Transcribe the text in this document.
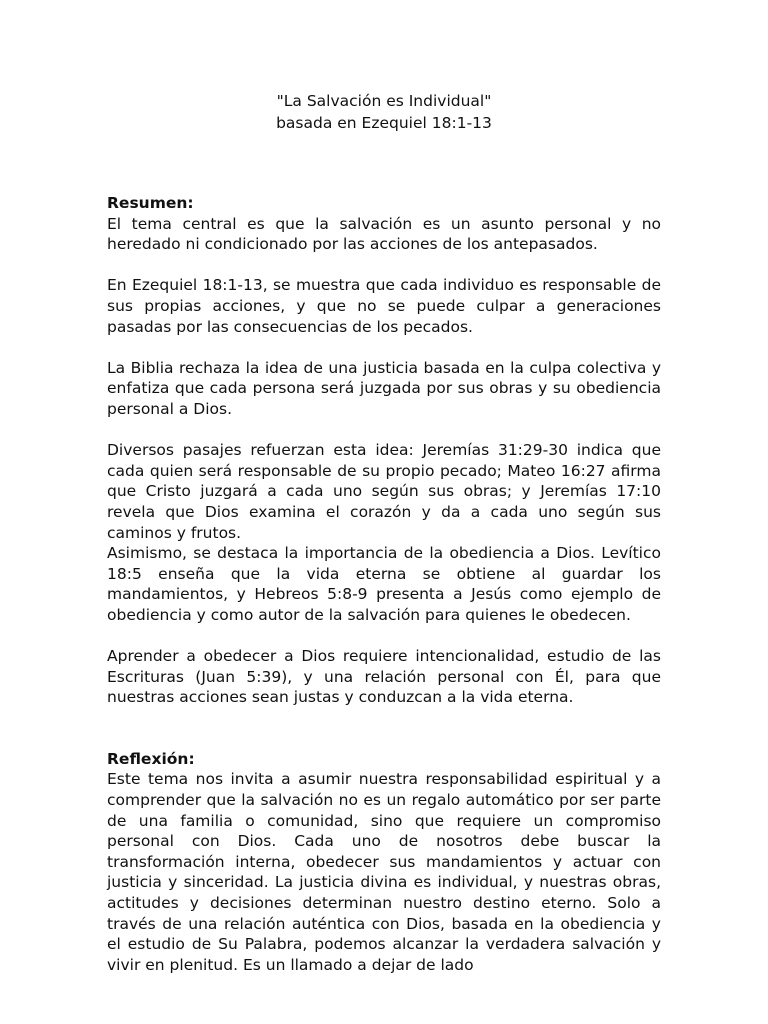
"La Salvación es Individual"
basada en Ezequiel 18:1-13
Resumen:

El tema central es que la salvación es un asunto personal y no heredado ni condicionado por las acciones de los antepasados.

En Ezequiel 18:1-13, se muestra que cada individuo es responsable de sus propias acciones, y que no se puede culpar a generaciones pasadas por las consecuencias de los pecados.

La Biblia rechaza la idea de una justicia basada en la culpa colectiva y enfatiza que cada persona será juzgada por sus obras y su obediencia personal a Dios.

Diversos pasajes refuerzan esta idea: Jeremías 31:29-30 indica que cada quien será responsable de su propio pecado; Mateo 16:27 afirma que Cristo juzgará a cada uno según sus obras; y Jeremías 17:10 revela que Dios examina el corazón y da a cada uno según sus caminos y frutos.

Asimismo, se destaca la importancia de la obediencia a Dios. Levítico 18:5 enseña que la vida eterna se obtiene al guardar los mandamientos, y Hebreos 5:8-9 presenta a Jesús como ejemplo de obediencia y como autor de la salvación para quienes le obedecen.

Aprender a obedecer a Dios requiere intencionalidad, estudio de las Escrituras (Juan 5:39), y una relación personal con Él, para que nuestras acciones sean justas y conduzcan a la vida eterna.

Reflexión:

Este tema nos invita a asumir nuestra responsabilidad espiritual y a comprender que la salvación no es un regalo automático por ser parte de una familia o comunidad, sino que requiere un compromiso personal con Dios. Cada uno de nosotros debe buscar la transformación interna, obedecer sus mandamientos y actuar con justicia y sinceridad. La justicia divina es individual, y nuestras obras, actitudes y decisiones determinan nuestro destino eterno. Solo a través de una relación auténtica con Dios, basada en la obediencia y el estudio de Su Palabra, podemos alcanzar la verdadera salvación y vivir en plenitud. Es un llamado a dejar de lado
